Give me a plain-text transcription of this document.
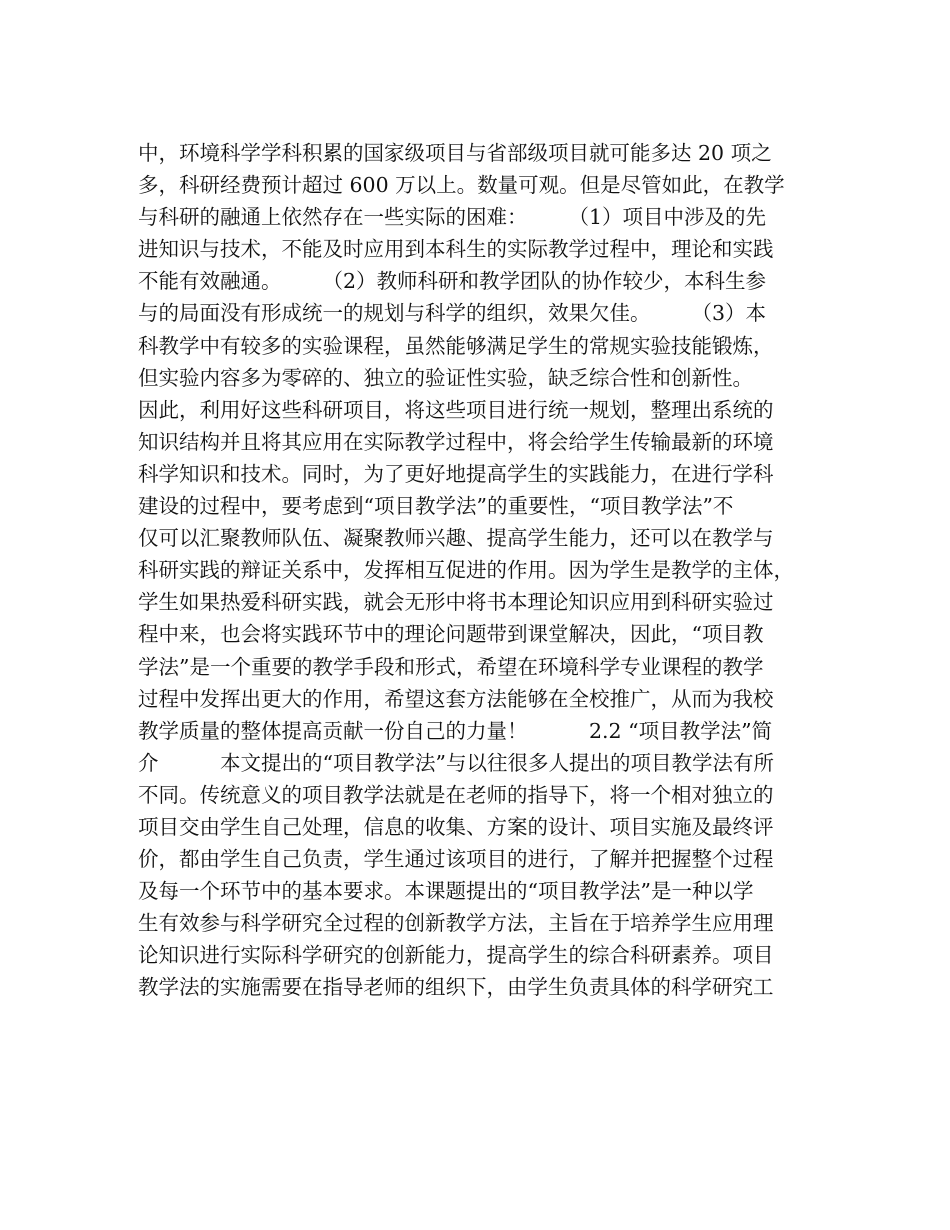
中，环境科学学科积累的国家级项目与省部级项目就可能多达 20 项之
多，科研经费预计超过 600 万以上。数量可观。但是尽管如此，在教学
与科研的融通上依然存在一些实际的困难：　　　（1）项目中涉及的先
进知识与技术，不能及时应用到本科生的实际教学过程中，理论和实践
不能有效融通。　　　（2）教师科研和教学团队的协作较少，本科生参
与的局面没有形成统一的规划与科学的组织，效果欠佳。　　　（3）本
科教学中有较多的实验课程，虽然能够满足学生的常规实验技能锻炼，
但实验内容多为零碎的、独立的验证性实验，缺乏综合性和创新性。
因此，利用好这些科研项目，将这些项目进行统一规划，整理出系统的
知识结构并且将其应用在实际教学过程中，将会给学生传输最新的环境
科学知识和技术。同时，为了更好地提高学生的实践能力，在进行学科
建设的过程中，要考虑到“项目教学法”的重要性，“项目教学法”不
仅可以汇聚教师队伍、凝聚教师兴趣、提高学生能力，还可以在教学与
科研实践的辩证关系中，发挥相互促进的作用。因为学生是教学的主体，
学生如果热爱科研实践，就会无形中将书本理论知识应用到科研实验过
程中来，也会将实践环节中的理论问题带到课堂解决，因此，“项目教
学法”是一个重要的教学手段和形式，希望在环境科学专业课程的教学
过程中发挥出更大的作用，希望这套方法能够在全校推广，从而为我校
教学质量的整体提高贡献一份自己的力量！　　　2.2 “项目教学法”简
介　　　本文提出的“项目教学法”与以往很多人提出的项目教学法有所
不同。传统意义的项目教学法就是在老师的指导下，将一个相对独立的
项目交由学生自己处理，信息的收集、方案的设计、项目实施及最终评
价，都由学生自己负责，学生通过该项目的进行，了解并把握整个过程
及每一个环节中的基本要求。本课题提出的“项目教学法”是一种以学
生有效参与科学研究全过程的创新教学方法，主旨在于培养学生应用理
论知识进行实际科学研究的创新能力，提高学生的综合科研素养。项目
教学法的实施需要在指导老师的组织下，由学生负责具体的科学研究工
